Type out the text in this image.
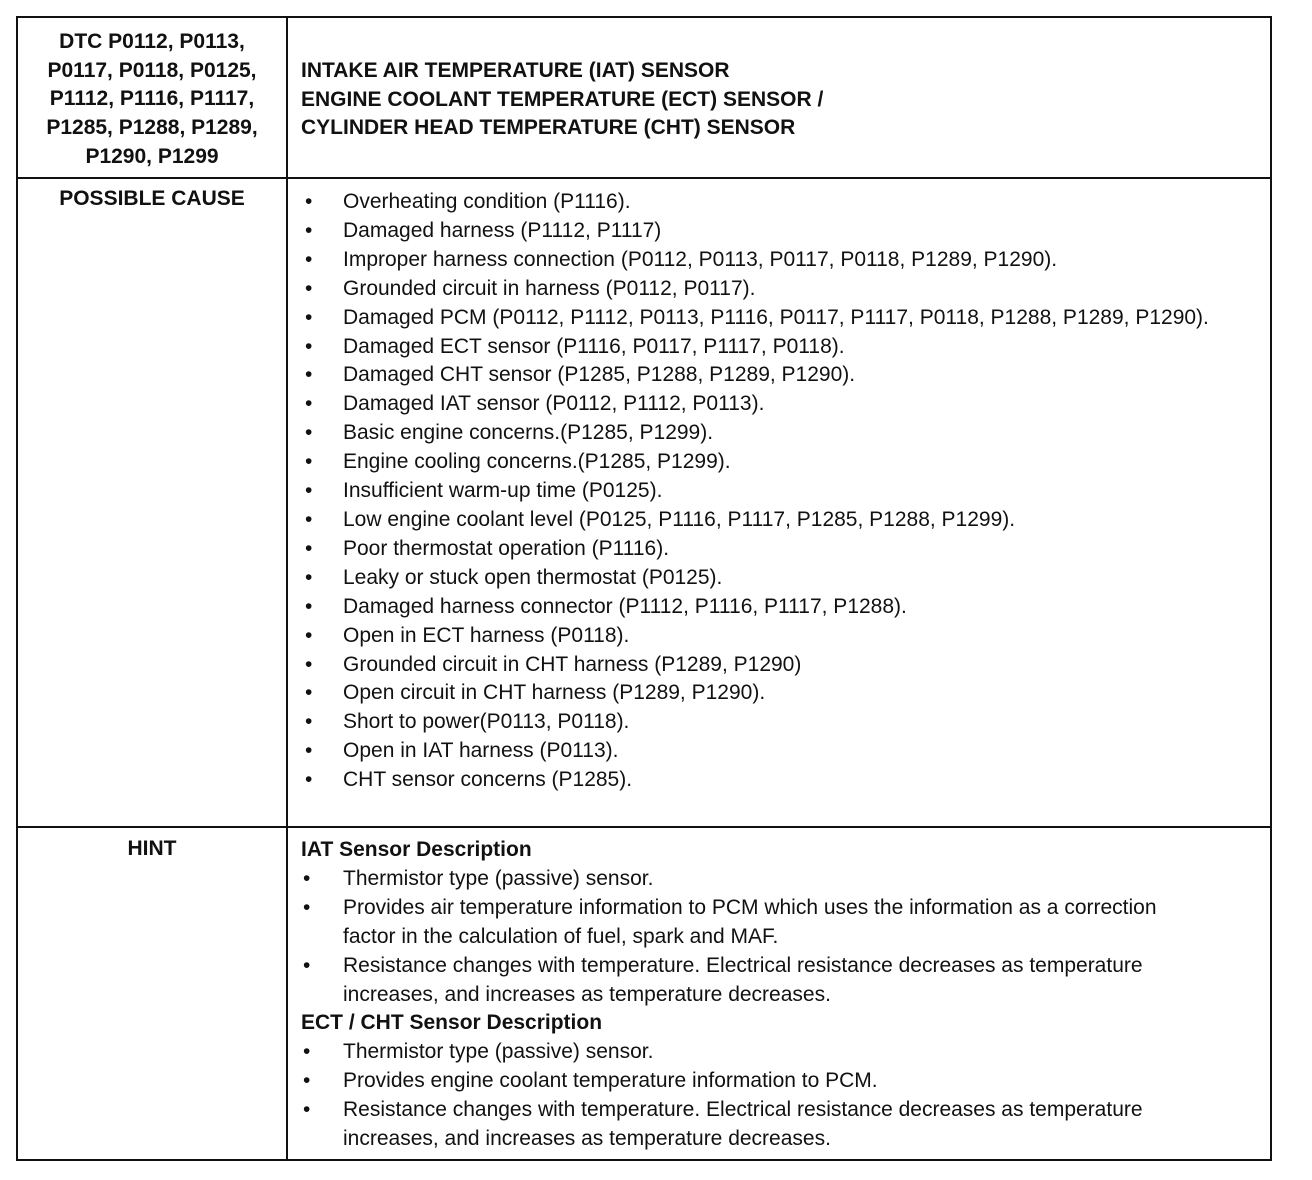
DTC P0112, P0113,
P0117, P0118, P0125,
P1112, P1116, P1117,
P1285, P1288, P1289,
P1290, P1299
INTAKE AIR TEMPERATURE (IAT) SENSOR
ENGINE COOLANT TEMPERATURE (ECT) SENSOR /
CYLINDER HEAD TEMPERATURE (CHT) SENSOR
POSSIBLE CAUSE	• Overheating condition (P1116).
• Damaged harness (P1112, P1117)
• Improper harness connection (P0112, P0113, P0117, P0118, P1289, P1290).
• Grounded circuit in harness (P0112, P0117).
• Damaged PCM (P0112, P1112, P0113, P1116, P0117, P1117, P0118, P1288, P1289, P1290).
• Damaged ECT sensor (P1116, P0117, P1117, P0118).
• Damaged CHT sensor (P1285, P1288, P1289, P1290).
• Damaged IAT sensor (P0112, P1112, P0113).
• Basic engine concerns.(P1285, P1299).
• Engine cooling concerns.(P1285, P1299).
• Insufficient warm-up time (P0125).
• Low engine coolant level (P0125, P1116, P1117, P1285, P1288, P1299).
• Poor thermostat operation (P1116).
• Leaky or stuck open thermostat (P0125).
• Damaged harness connector (P1112, P1116, P1117, P1288).
• Open in ECT harness (P0118).
• Grounded circuit in CHT harness (P1289, P1290)
• Open circuit in CHT harness (P1289, P1290).
• Short to power(P0113, P0118).
• Open in IAT harness (P0113).
• CHT sensor concerns (P1285).
HINT	IAT Sensor Description
• Thermistor type (passive) sensor.
• Provides air temperature information to PCM which uses the information as a correction factor in the calculation of fuel, spark and MAF.
• Resistance changes with temperature. Electrical resistance decreases as temperature increases, and increases as temperature decreases.
ECT / CHT Sensor Description
• Thermistor type (passive) sensor.
• Provides engine coolant temperature information to PCM.
• Resistance changes with temperature. Electrical resistance decreases as temperature increases, and increases as temperature decreases.
